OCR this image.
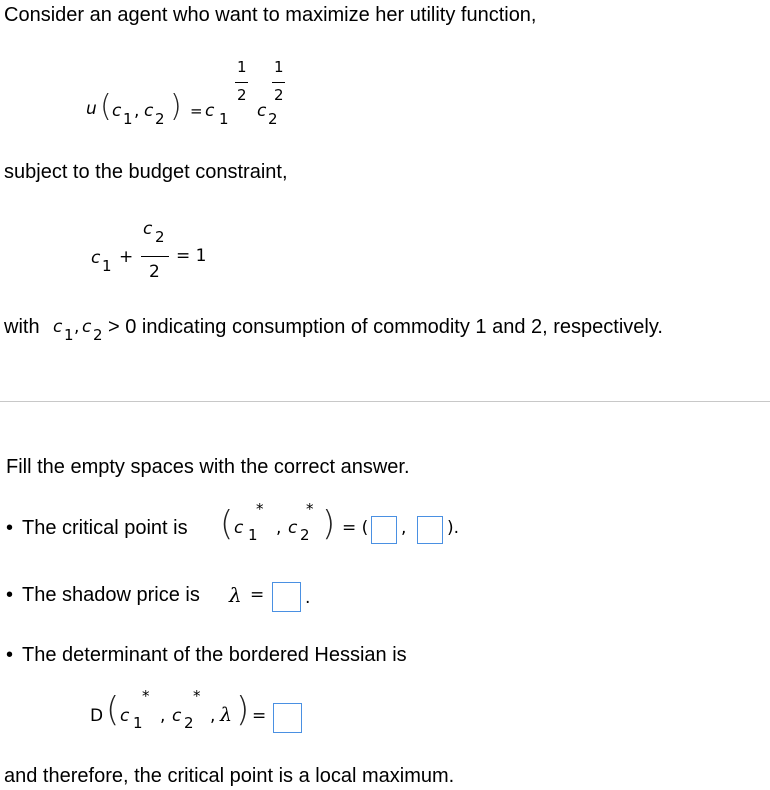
Consider an agent who want to maximize her utility function,
u ( c 1 , c 2 ) = c 1
1
2
c 2
1
2
subject to the budget constraint,
c 1 +
c 2
2
= 1
with c 1 , c 2 > 0 indicating consumption of commodity 1 and 2, respectively.
Fill the empty spaces with the correct answer.
• The critical point is ( c 1
*
, c 2
* ) = ( , ).
• The shadow price is λ = .
• The determinant of the bordered Hessian is
D ( c 1
*
, c 2
*
, λ ) =
and therefore, the critical point is a local maximum.
